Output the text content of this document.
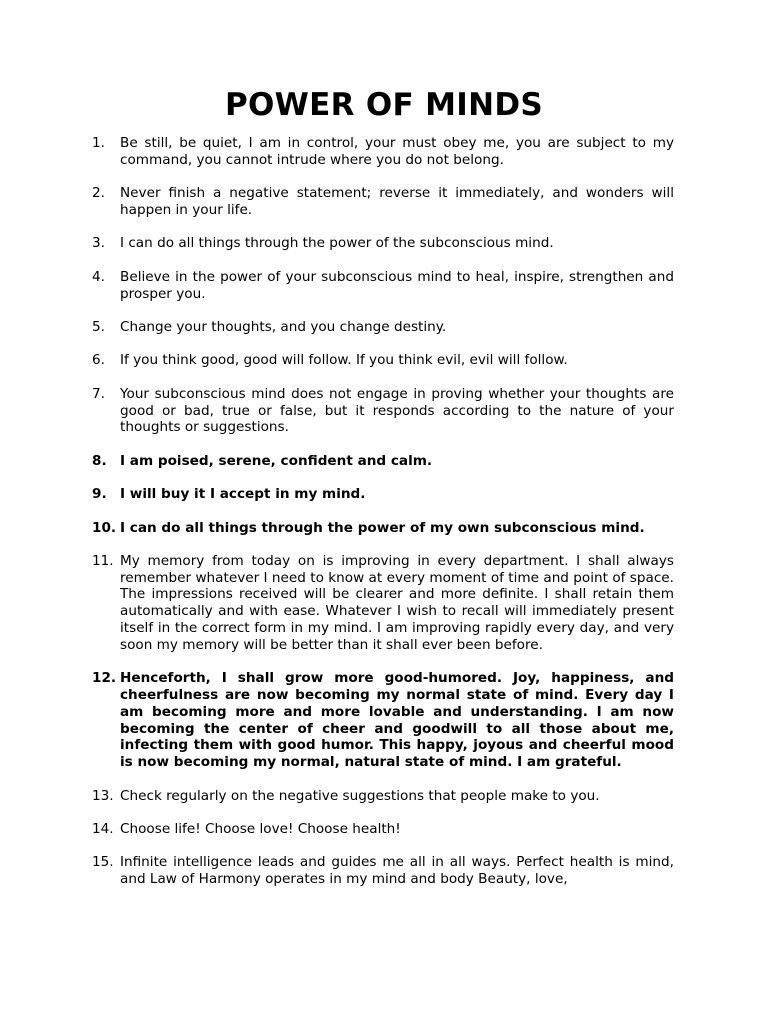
POWER OF MINDS
1.	Be still, be quiet, I am in control, your must obey me, you are subject to my command, you cannot intrude where you do not belong.

2.	Never finish a negative statement; reverse it immediately, and wonders will happen in your life.

3.	I can do all things through the power of the subconscious mind.

4.	Believe in the power of your subconscious mind to heal, inspire, strengthen and prosper you.

5.	Change your thoughts, and you change destiny.

6.	If you think good, good will follow. If you think evil, evil will follow.

7.	Your subconscious mind does not engage in proving whether your thoughts are good or bad, true or false, but it responds according to the nature of your thoughts or suggestions.

8. I am poised, serene, confident and calm.

9. I will buy it I accept in my mind.

10. I can do all things through the power of my own subconscious mind.

11. My memory from today on is improving in every department. I shall always remember whatever I need to know at every moment of time and point of space. The impressions received will be clearer and more definite. I shall retain them automatically and with ease. Whatever I wish to recall will immediately present itself in the correct form in my mind. I am improving rapidly every day, and very soon my memory will be better than it shall ever been before.

12. Henceforth, I shall grow more good-humored. Joy, happiness, and cheerfulness are now becoming my normal state of mind. Every day I am becoming more and more lovable and understanding. I am now becoming the center of cheer and goodwill to all those about me, infecting them with good humor. This happy, joyous and cheerful mood is now becoming my normal, natural state of mind. I am grateful.

13. Check regularly on the negative suggestions that people make to you.

14. Choose life! Choose love! Choose health!

15. Infinite intelligence leads and guides me all in all ways. Perfect health is mind, and Law of Harmony operates in my mind and body Beauty, love,
